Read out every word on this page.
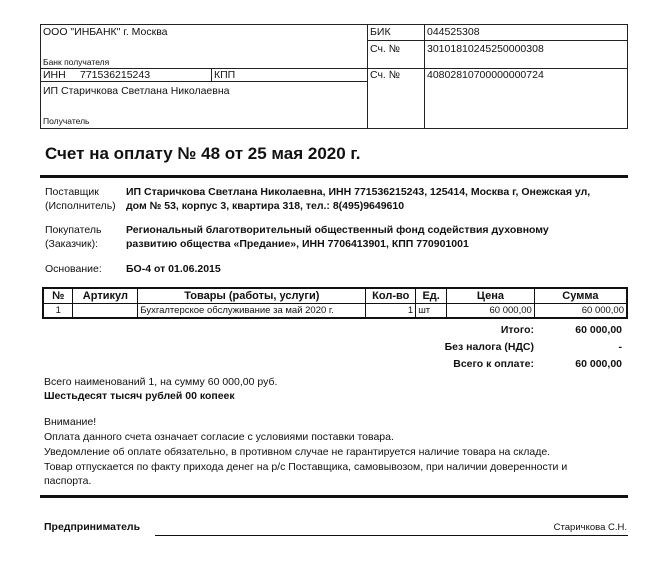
ООО "ИНБАНК" г. Москва
Банк получателя
БИК	044525308
Сч. №	30101810245250000308
ИНН 771536215243	КПП	Сч. №	40802810700000000724
ИП Старичкова Светлана Николаевна
Получатель
Счет на оплату № 48 от 25 мая 2020 г.
Поставщик
(Исполнитель)
ИП Старичкова Светлана Николаевна, ИНН 771536215243, 125414, Москва г, Онежская ул,
дом № 53, корпус 3, квартира 318, тел.: 8(495)9649610
Покупатель
(Заказчик):
Региональный благотворительный общественный фонд содействия духовному
развитию общества «Предание», ИНН 7706413901, КПП 770901001
Основание: БО-4 от 01.06.2015
№	Артикул	Товары (работы, услуги)	Кол-во	Ед.	Цена	Сумма
1		Бухгалтерское обслуживание за май 2020 г.	1	шт	60 000,00	60 000,00
Итого:	60 000,00
Без налога (НДС)	-
Всего к оплате:	60 000,00
Всего наименований 1, на сумму 60 000,00 руб.
Шестьдесят тысяч рублей 00 копеек
Внимание!
Оплата данного счета означает согласие с условиями поставки товара.
Уведомление об оплате обязательно, в противном случае не гарантируется наличие товара на складе.
Товар отпускается по факту прихода денег на р/с Поставщика, самовывозом, при наличии доверенности и
паспорта.
Предприниматель	Старичкова С.Н.
